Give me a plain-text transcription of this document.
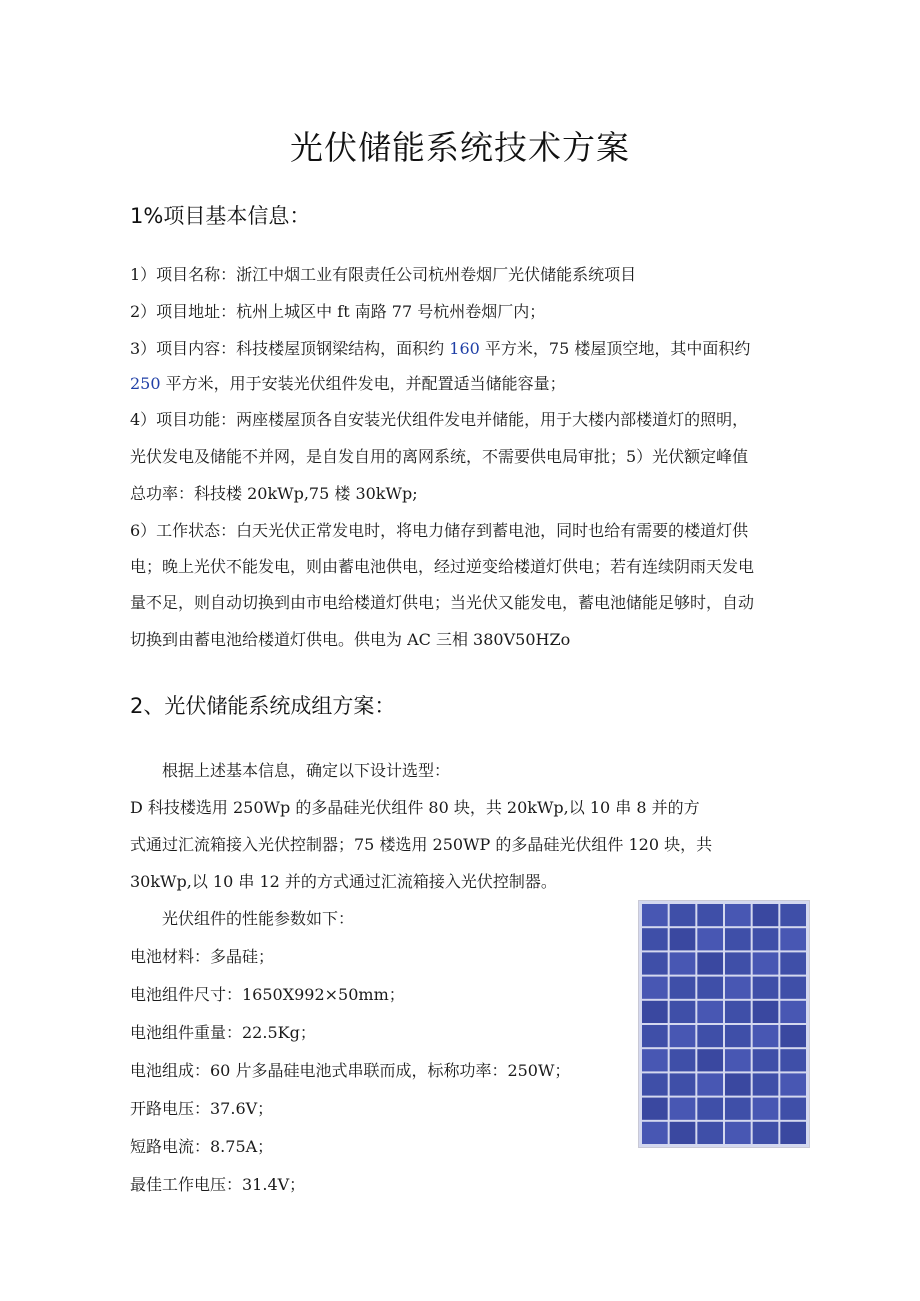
光伏储能系统技术方案
1%项目基本信息：
1）项目名称：浙江中烟工业有限责任公司杭州卷烟厂光伏储能系统项目
2）项目地址：杭州上城区中 ft 南路 77 号杭州卷烟厂内；
3）项目内容：科技楼屋顶钢梁结构，面积约 160 平方米，75 楼屋顶空地，其中面积约
250 平方米，用于安装光伏组件发电，并配置适当储能容量；
4）项目功能：两座楼屋顶各自安装光伏组件发电并储能，用于大楼内部楼道灯的照明，
光伏发电及储能不并网，是自发自用的离网系统，不需要供电局审批；5）光伏额定峰值
总功率：科技楼 20kWp,75 楼 30kWp;
6）工作状态：白天光伏正常发电时，将电力储存到蓄电池，同时也给有需要的楼道灯供
电；晚上光伏不能发电，则由蓄电池供电，经过逆变给楼道灯供电；若有连续阴雨天发电
量不足，则自动切换到由市电给楼道灯供电；当光伏又能发电，蓄电池储能足够时，自动
切换到由蓄电池给楼道灯供电。供电为 AC 三相 380V50HZo
2、光伏储能系统成组方案：
根据上述基本信息，确定以下设计选型：
D 科技楼选用 250Wp 的多晶硅光伏组件 80 块，共 20kWp,以 10 串 8 并的方
式通过汇流箱接入光伏控制器；75 楼选用 250WP 的多晶硅光伏组件 120 块，共
30kWp,以 10 串 12 并的方式通过汇流箱接入光伏控制器。
光伏组件的性能参数如下：
电池材料：多晶硅；
电池组件尺寸：1650X992×50mm；
电池组件重量：22.5Kg；
电池组成：60 片多晶硅电池式串联而成，标称功率：250W；
开路电压：37.6V；
短路电流：8.75A；
最佳工作电压：31.4V；
